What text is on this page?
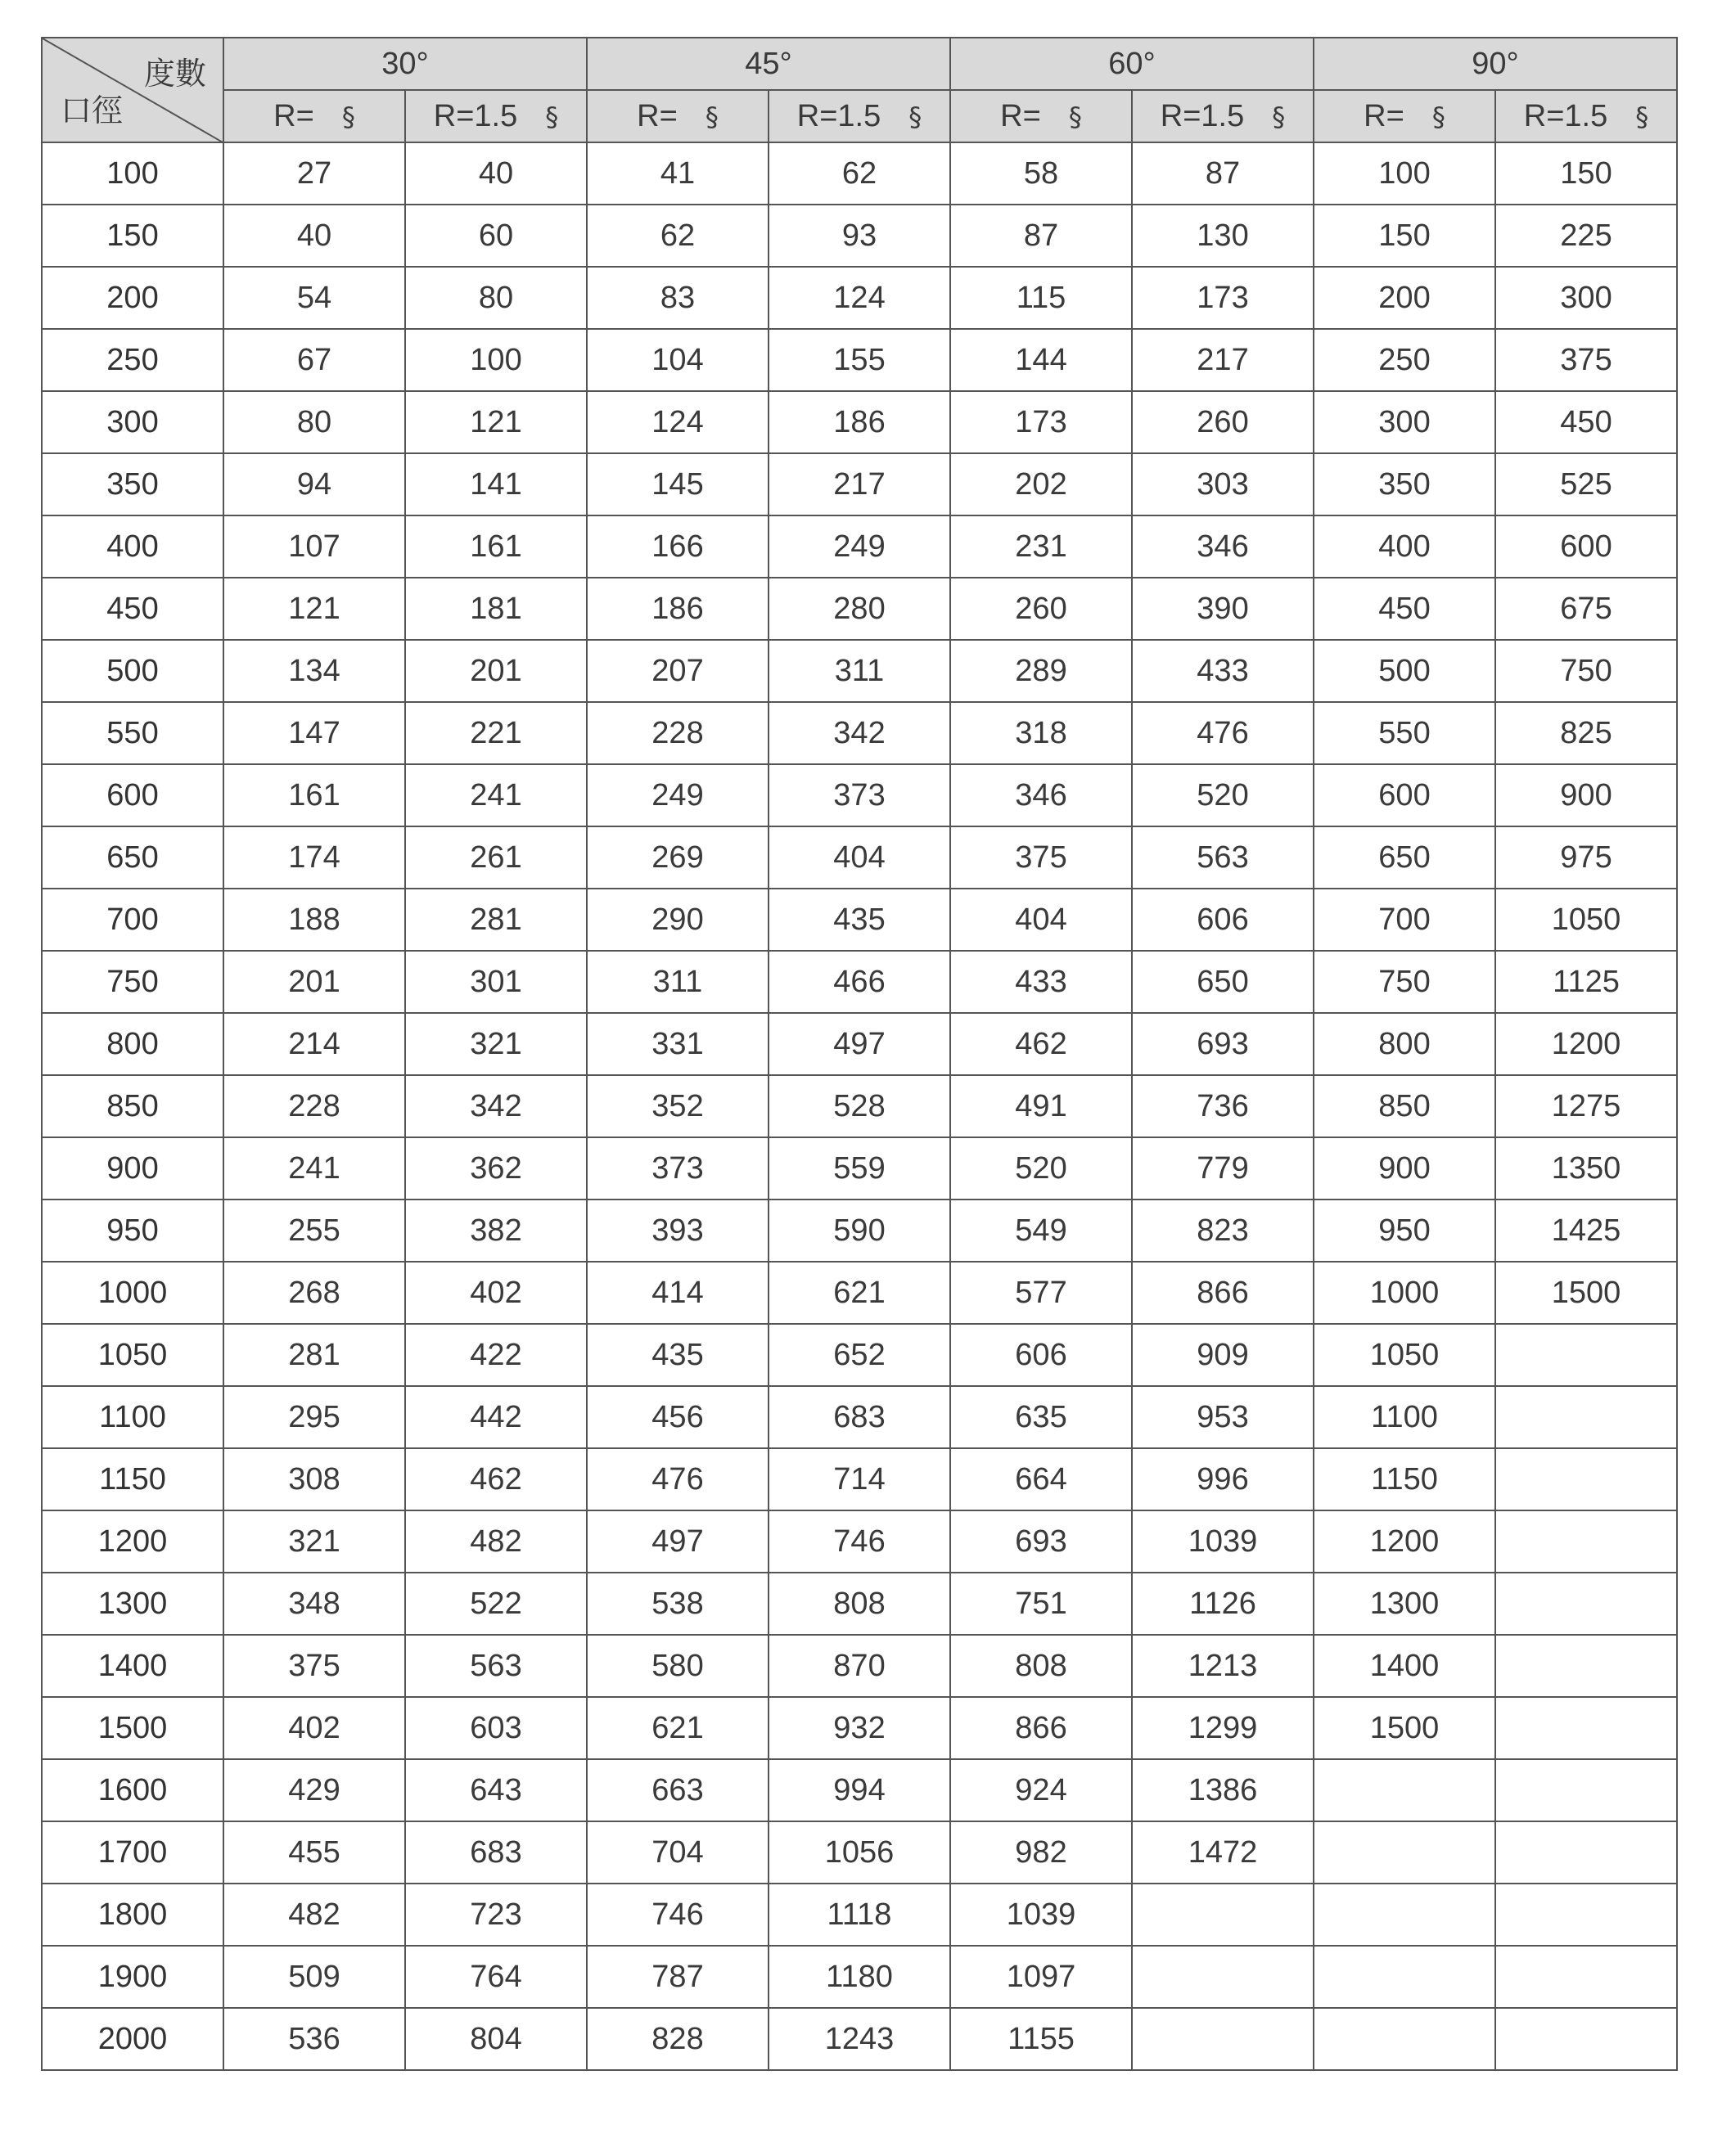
度數
口徑	30°		45°		60°		90°	
	R= §	R=1.5 §	R= §	R=1.5 §	R= §	R=1.5 §	R= §	R=1.5 §
100	27	40	41	62	58	87	100	150
150	40	60	62	93	87	130	150	225
200	54	80	83	124	115	173	200	300
250	67	100	104	155	144	217	250	375
300	80	121	124	186	173	260	300	450
350	94	141	145	217	202	303	350	525
400	107	161	166	249	231	346	400	600
450	121	181	186	280	260	390	450	675
500	134	201	207	311	289	433	500	750
550	147	221	228	342	318	476	550	825
600	161	241	249	373	346	520	600	900
650	174	261	269	404	375	563	650	975
700	188	281	290	435	404	606	700	1050
750	201	301	311	466	433	650	750	1125
800	214	321	331	497	462	693	800	1200
850	228	342	352	528	491	736	850	1275
900	241	362	373	559	520	779	900	1350
950	255	382	393	590	549	823	950	1425
1000	268	402	414	621	577	866	1000	1500
1050	281	422	435	652	606	909	1050	
1100	295	442	456	683	635	953	1100	
1150	308	462	476	714	664	996	1150	
1200	321	482	497	746	693	1039	1200	
1300	348	522	538	808	751	1126	1300	
1400	375	563	580	870	808	1213	1400	
1500	402	603	621	932	866	1299	1500	
1600	429	643	663	994	924	1386		
1700	455	683	704	1056	982	1472		
1800	482	723	746	1118	1039			
1900	509	764	787	1180	1097			
2000	536	804	828	1243	1155			
